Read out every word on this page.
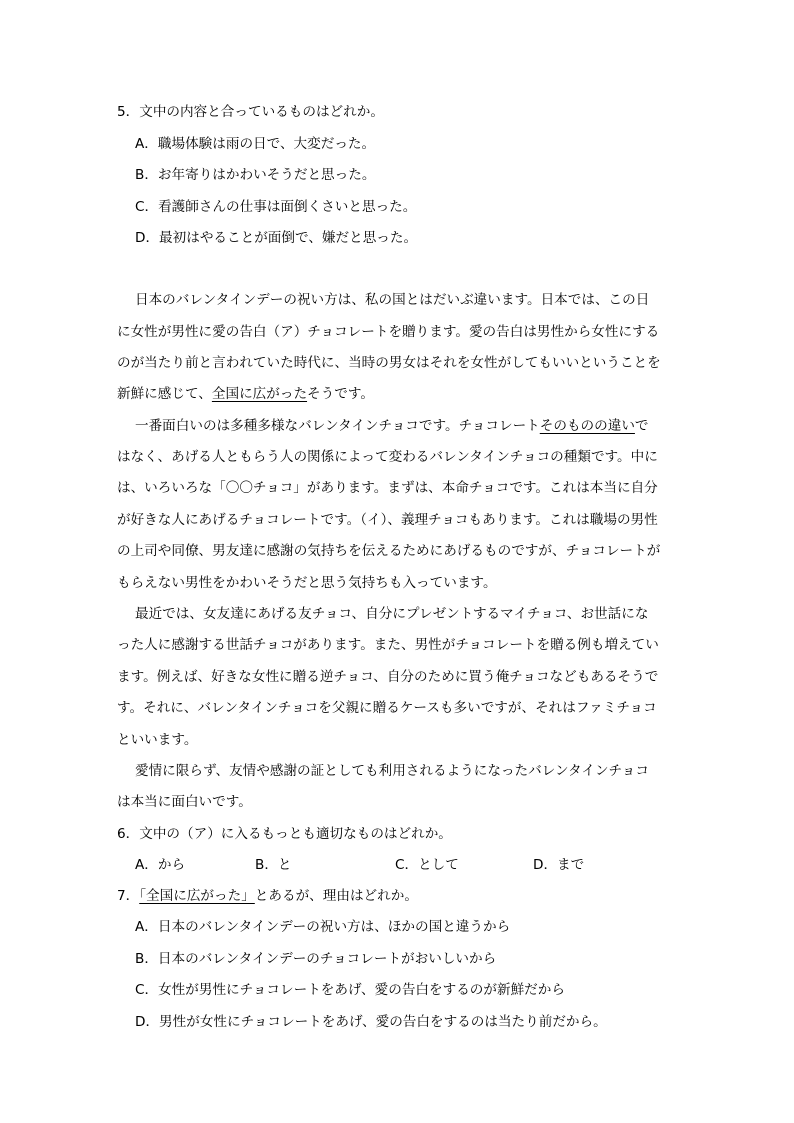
5．文中の内容と合っているものはどれか。
A．職場体験は雨の日で、大変だった。
B．お年寄りはかわいそうだと思った。
C．看護師さんの仕事は面倒くさいと思った。
D．最初はやることが面倒で、嫌だと思った。
日本のバレンタインデーの祝い方は、私の国とはだいぶ違います。日本では、この日
に女性が男性に愛の告白（ア）チョコレートを贈ります。愛の告白は男性から女性にする
のが当たり前と言われていた時代に、当時の男女はそれを女性がしてもいいということを
新鮮に感じて、全国に広がったそうです。
一番面白いのは多種多様なバレンタインチョコです。チョコレートそのものの違いで
はなく、あげる人ともらう人の関係によって変わるバレンタインチョコの種類です。中に
は、いろいろな「〇〇チョコ」があります。まずは、本命チョコです。これは本当に自分
が好きな人にあげるチョコレートです。（イ）、義理チョコもあります。これは職場の男性
の上司や同僚、男友達に感謝の気持ちを伝えるためにあげるものですが、チョコレートが
もらえない男性をかわいそうだと思う気持ちも入っています。
最近では、女友達にあげる友チョコ、自分にプレゼントするマイチョコ、お世話にな
った人に感謝する世話チョコがあります。また、男性がチョコレートを贈る例も増えてい
ます。例えば、好きな女性に贈る逆チョコ、自分のために買う俺チョコなどもあるそうで
す。それに、バレンタインチョコを父親に贈るケースも多いですが、それはファミチョコ
といいます。
愛情に限らず、友情や感謝の証としても利用されるようになったバレンタインチョコ
は本当に面白いです。
6．文中の（ア）に入るもっとも適切なものはどれか。
A．から	B．と	C．として	D．まで
7．「全国に広がった」とあるが、理由はどれか。
A．日本のバレンタインデーの祝い方は、ほかの国と違うから
B．日本のバレンタインデーのチョコレートがおいしいから
C．女性が男性にチョコレートをあげ、愛の告白をするのが新鮮だから
D．男性が女性にチョコレートをあげ、愛の告白をするのは当たり前だから。
